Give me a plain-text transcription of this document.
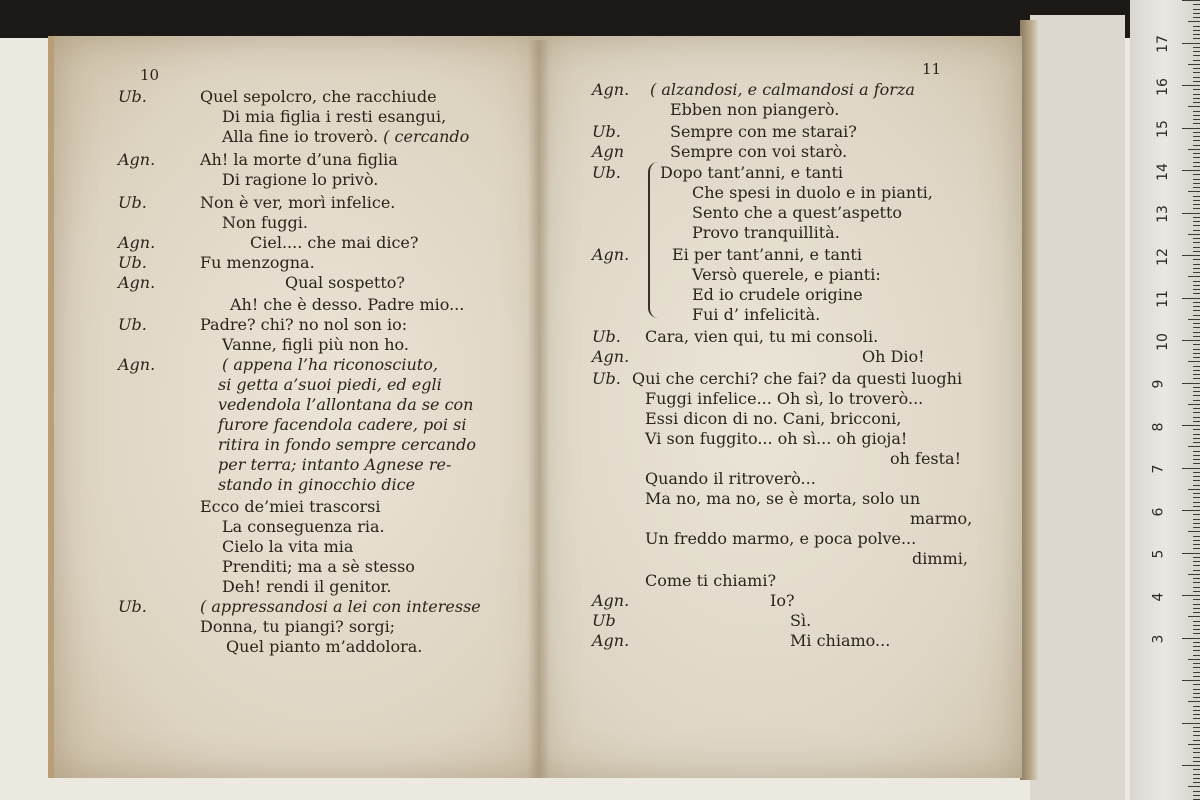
10	11
Ub.	Quel sepolcro, che racchiude
Di mia figlia i resti esangui,
Alla fine io troverò. ( cercando
Agn.	Ah! la morte d’una figlia
Di ragione lo privò.
Ub.	Non è ver, morì infelice.
Non fuggi.
Agn.	Ciel.... che mai dice?
Ub.	Fu menzogna.
Agn.	Qual sospetto?
Ah! che è desso. Padre mio...
Ub.	Padre? chi? no nol son io:
Vanne, figli più non ho.
Agn.	( appena l’ha riconosciuto,
si getta a’suoi piedi, ed egli
vedendola l’allontana da se con
furore facendola cadere, poi si
ritira in fondo sempre cercando
per terra; intanto Agnese re-
stando in ginocchio dice
Ecco de’miei trascorsi
La conseguenza ria.
Cielo la vita mia
Prenditi; ma a sè stesso
Deh! rendi il genitor.
Ub.	( appressandosi a lei con interesse
Donna, tu piangi? sorgi;
Quel pianto m’addolora.
Agn. ( alzandosi, e calmandosi a forza
Ebben non piangerò.
Ub.	Sempre con me starai?
Agn	Sempre con voi starò.
Ub. Dopo tant’anni, e tanti
Che spesi in duolo e in pianti,
Sento che a quest’aspetto
Provo tranquillità.
Agn.	Ei per tant’anni, e tanti
Versò querele, e pianti:
Ed io crudele origine
Fui d’ infelicità.
Ub. Cara, vien qui, tu mi consoli.
Agn.	Oh Dio!
Ub. Qui che cerchi? che fai? da questi luoghi
Fuggi infelice... Oh sì, lo troverò...
Essi dicon di no. Cani, bricconi,
Vi son fuggito... oh sì... oh gioja!
oh festa!
Quando il ritroverò...
Ma no, ma no, se è morta, solo un
marmo,
Un freddo marmo, e poca polve...
dimmi,
Come ti chiami?
Agn.	Io?
Ub	Sì.
Agn.	Mi chiamo...
17
16
15
14
13
12
11
10
9
8
7
6
5
4
3
